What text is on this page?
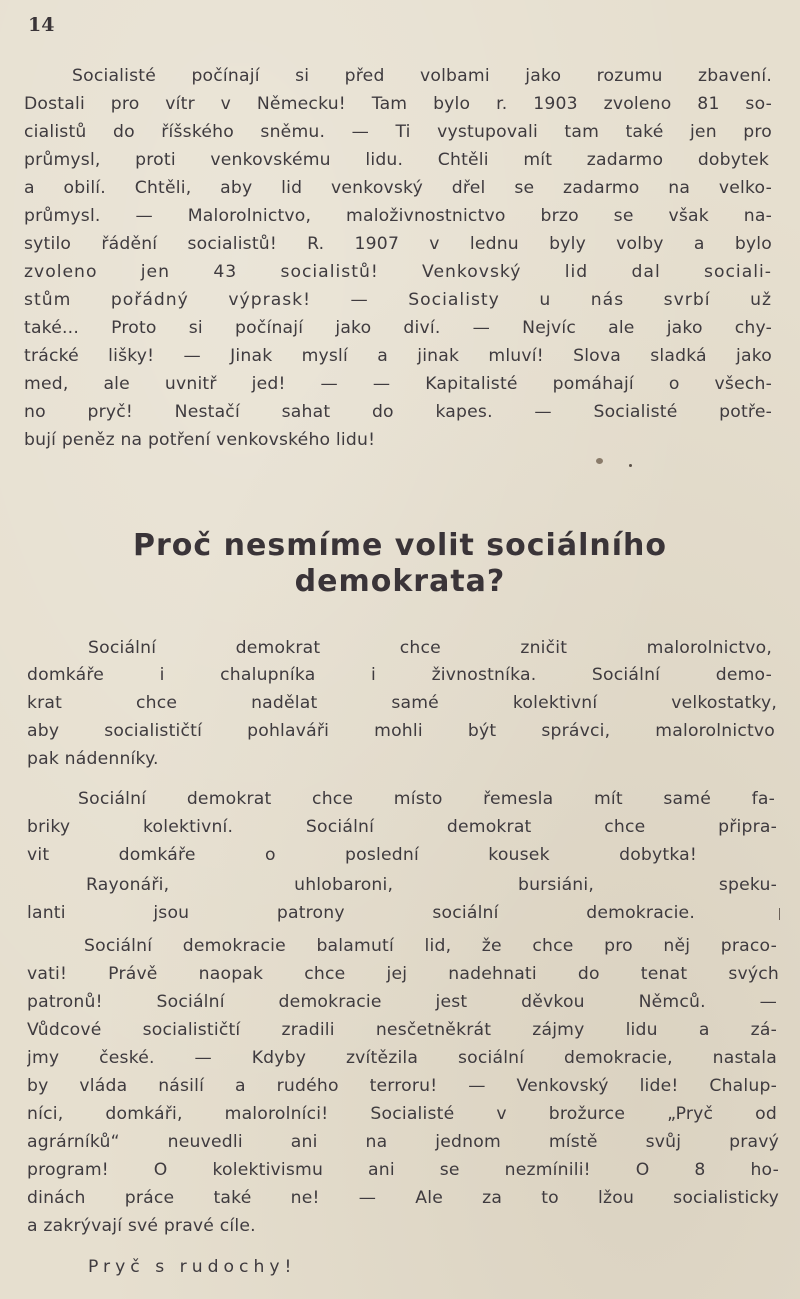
14
Socialisté počínají si před volbami jako rozumu zbavení.
Dostali pro vítr v Německu! Tam bylo r. 1903 zvoleno 81 so-
cialistů do říšského sněmu. — Ti vystupovali tam také jen pro
průmysl, proti venkovskému lidu. Chtěli mít zadarmo dobytek
a obilí. Chtěli, aby lid venkovský dřel se zadarmo na velko-
průmysl. — Malorolnictvo, maloživnostnictvo brzo se však na-
sytilo řádění socialistů! R. 1907 v lednu byly volby a bylo
zvoleno jen 43 socialistů! Venkovský lid dal sociali-
stům pořádný výprask! — Socialisty u nás svrbí už
také... Proto si počínají jako diví. — Nejvíc ale jako chy-
trácké lišky! — Jinak myslí a jinak mluví! Slova sladká jako
med, ale uvnitř jed! — — Kapitalisté pomáhají o všech-
no pryč! Nestačí sahat do kapes. — Socialisté potře-
bují peněz na potření venkovského lidu!
Proč nesmíme volit sociálního
demokrata?
Sociální demokrat chce zničit malorolnictvo,
domkáře i chalupníka i živnostníka. Sociální demo-
krat chce nadělat samé kolektivní velkostatky,
aby socialističtí pohlaváři mohli být správci, malorolnictvo
pak nádenníky.
Sociální demokrat chce místo řemesla mít samé fa-
briky kolektivní. Sociální demokrat chce připra-
vit domkáře o poslední kousek dobytka!
Rayonáři, uhlobaroni, bursiáni, speku-
lanti jsou patrony sociální demokracie.
Sociální demokracie balamutí lid, že chce pro něj praco-
vati! Právě naopak chce jej nadehnati do tenat svých
patronů! Sociální demokracie jest děvkou Němců. —
Vůdcové socialističtí zradili nesčetněkrát zájmy lidu a zá-
jmy české. — Kdyby zvítězila sociální demokracie, nastala
by vláda násilí a rudého terroru! — Venkovský lide! Chalup-
níci, domkáři, malorolníci! Socialisté v brožurce „Pryč od
agrárníků“ neuvedli ani na jednom místě svůj pravý
program! O kolektivismu ani se nezmínili! O 8 ho-
dinách práce také ne! — Ale za to lžou socialisticky
a zakrývají své pravé cíle.
Pryč s rudochy!
